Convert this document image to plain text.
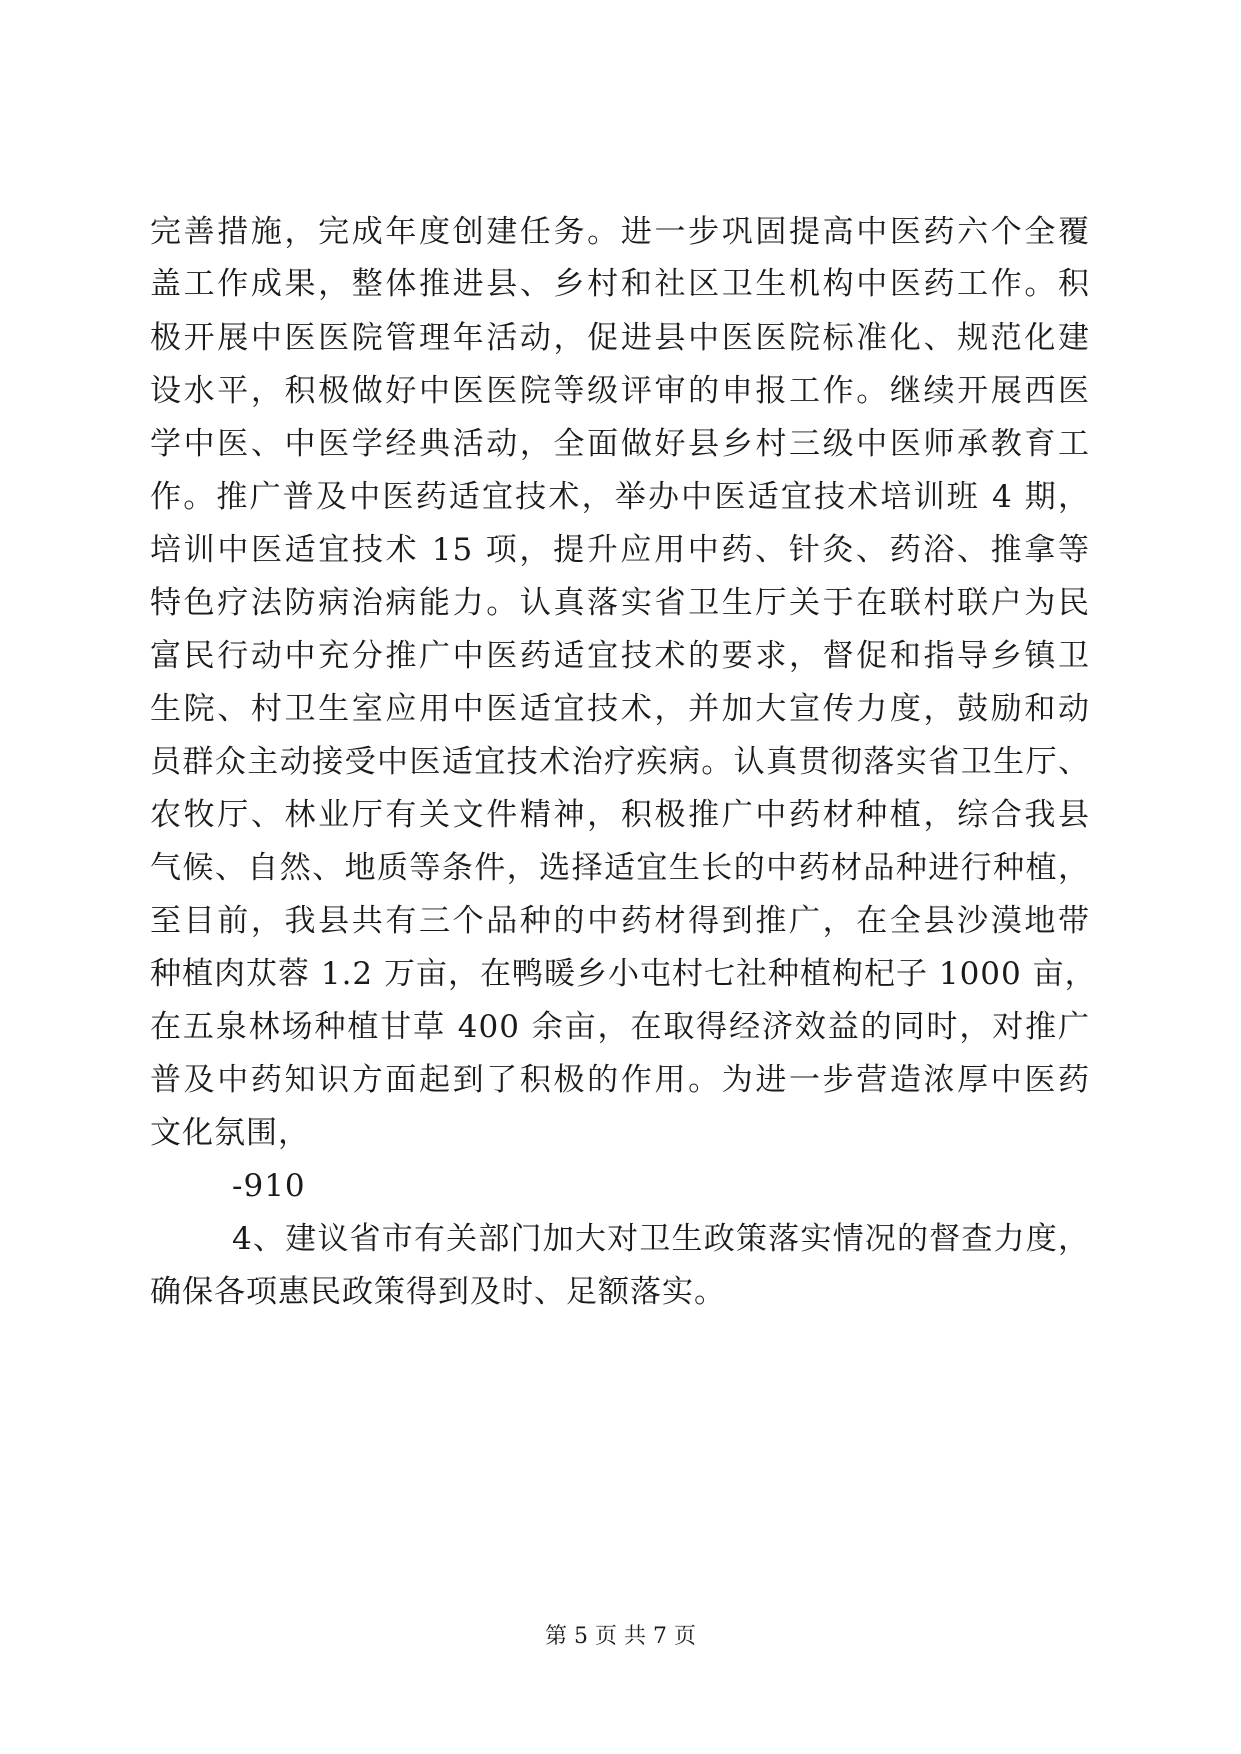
完善措施，完成年度创建任务。进一步巩固提高中医药六个全覆
盖工作成果，整体推进县、乡村和社区卫生机构中医药工作。积
极开展中医医院管理年活动，促进县中医医院标准化、规范化建
设水平，积极做好中医医院等级评审的申报工作。继续开展西医
学中医、中医学经典活动，全面做好县乡村三级中医师承教育工
作。推广普及中医药适宜技术，举办中医适宜技术培训班 4 期，
培训中医适宜技术 15 项，提升应用中药、针灸、药浴、推拿等
特色疗法防病治病能力。认真落实省卫生厅关于在联村联户为民
富民行动中充分推广中医药适宜技术的要求，督促和指导乡镇卫
生院、村卫生室应用中医适宜技术，并加大宣传力度，鼓励和动
员群众主动接受中医适宜技术治疗疾病。认真贯彻落实省卫生厅、
农牧厅、林业厅有关文件精神，积极推广中药材种植，综合我县
气候、自然、地质等条件，选择适宜生长的中药材品种进行种植，
至目前，我县共有三个品种的中药材得到推广，在全县沙漠地带
种植肉苁蓉 1.2 万亩，在鸭暖乡小屯村七社种植枸杞子 1000 亩，
在五泉林场种植甘草 400 余亩，在取得经济效益的同时，对推广
普及中药知识方面起到了积极的作用。为进一步营造浓厚中医药
文化氛围，
-910
4、建议省市有关部门加大对卫生政策落实情况的督查力度，
确保各项惠民政策得到及时、足额落实。
第 5 页 共 7 页
